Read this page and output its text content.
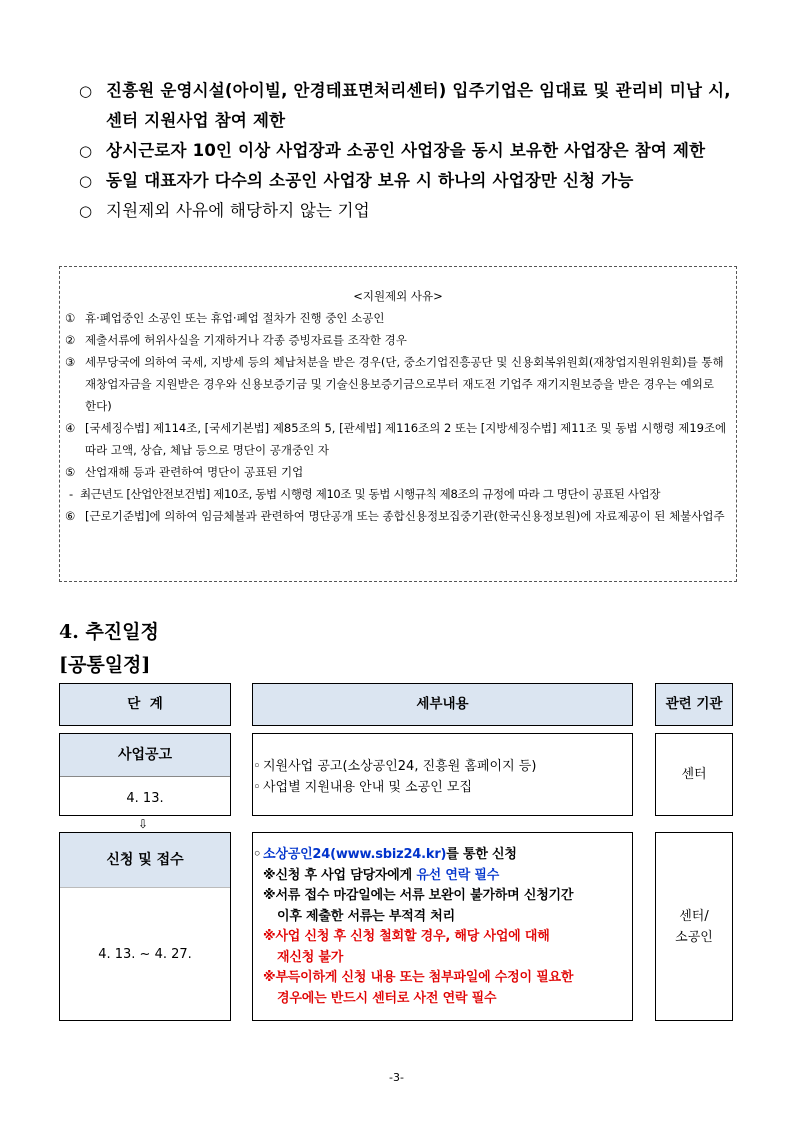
○ 진흥원 운영시설(아이빌, 안경테표면처리센터) 입주기업은 임대료 및 관리비 미납 시, 센터 지원사업 참여 제한
○ 상시근로자 10인 이상 사업장과 소공인 사업장을 동시 보유한 사업장은 참여 제한
○ 동일 대표자가 다수의 소공인 사업장 보유 시 하나의 사업장만 신청 가능
○ 지원제외 사유에 해당하지 않는 기업
<지원제외 사유>
① 휴·폐업중인 소공인 또는 휴업·폐업 절차가 진행 중인 소공인
② 제출서류에 허위사실을 기재하거나 각종 증빙자료를 조작한 경우
③ 세무당국에 의하여 국세, 지방세 등의 체납처분을 받은 경우(단, 중소기업진흥공단 및 신용회복위원회(재창업지원위원회)를 통해 재창업자금을 지원받은 경우와 신용보증기금 및 기술신용보증기금으로부터 재도전 기업주 재기지원보증을 받은 경우는 예외로 한다)
④ [국세징수법] 제114조, [국세기본법] 제85조의 5, [관세법] 제116조의 2 또는 [지방세징수법] 제11조 및 동법 시행령 제19조에 따라 고액, 상습, 체납 등으로 명단이 공개중인 자
⑤ 산업재해 등과 관련하여 명단이 공표된 기업
- 최근년도 [산업안전보건법] 제10조, 동법 시행령 제10조 및 동법 시행규칙 제8조의 규정에 따라 그 명단이 공표된 사업장
⑥ [근로기준법]에 의하여 임금체불과 관련하여 명단공개 또는 종합신용정보집중기관(한국신용정보원)에 자료제공이 된 체불사업주
4. 추진일정
[공통일정]
단  계	세부내용	관련 기관
사업공고
4. 13.
◦ 지원사업 공고(소상공인24, 진흥원 홈페이지 등)
◦ 사업별 지원내용 안내 및 소공인 모집
센터
⇩
신청 및 접수
4. 13. ~ 4. 27.
◦ 소상공인24(www.sbiz24.kr)를 통한 신청
※신청 후 사업 담당자에게 유선 연락 필수
※서류 접수 마감일에는 서류 보완이 불가하며 신청기간
이후 제출한 서류는 부적격 처리
※사업 신청 후 신청 철회할 경우, 해당 사업에 대해
재신청 불가
※부득이하게 신청 내용 또는 첨부파일에 수정이 필요한
경우에는 반드시 센터로 사전 연락 필수
센터/
소공인
-3-
